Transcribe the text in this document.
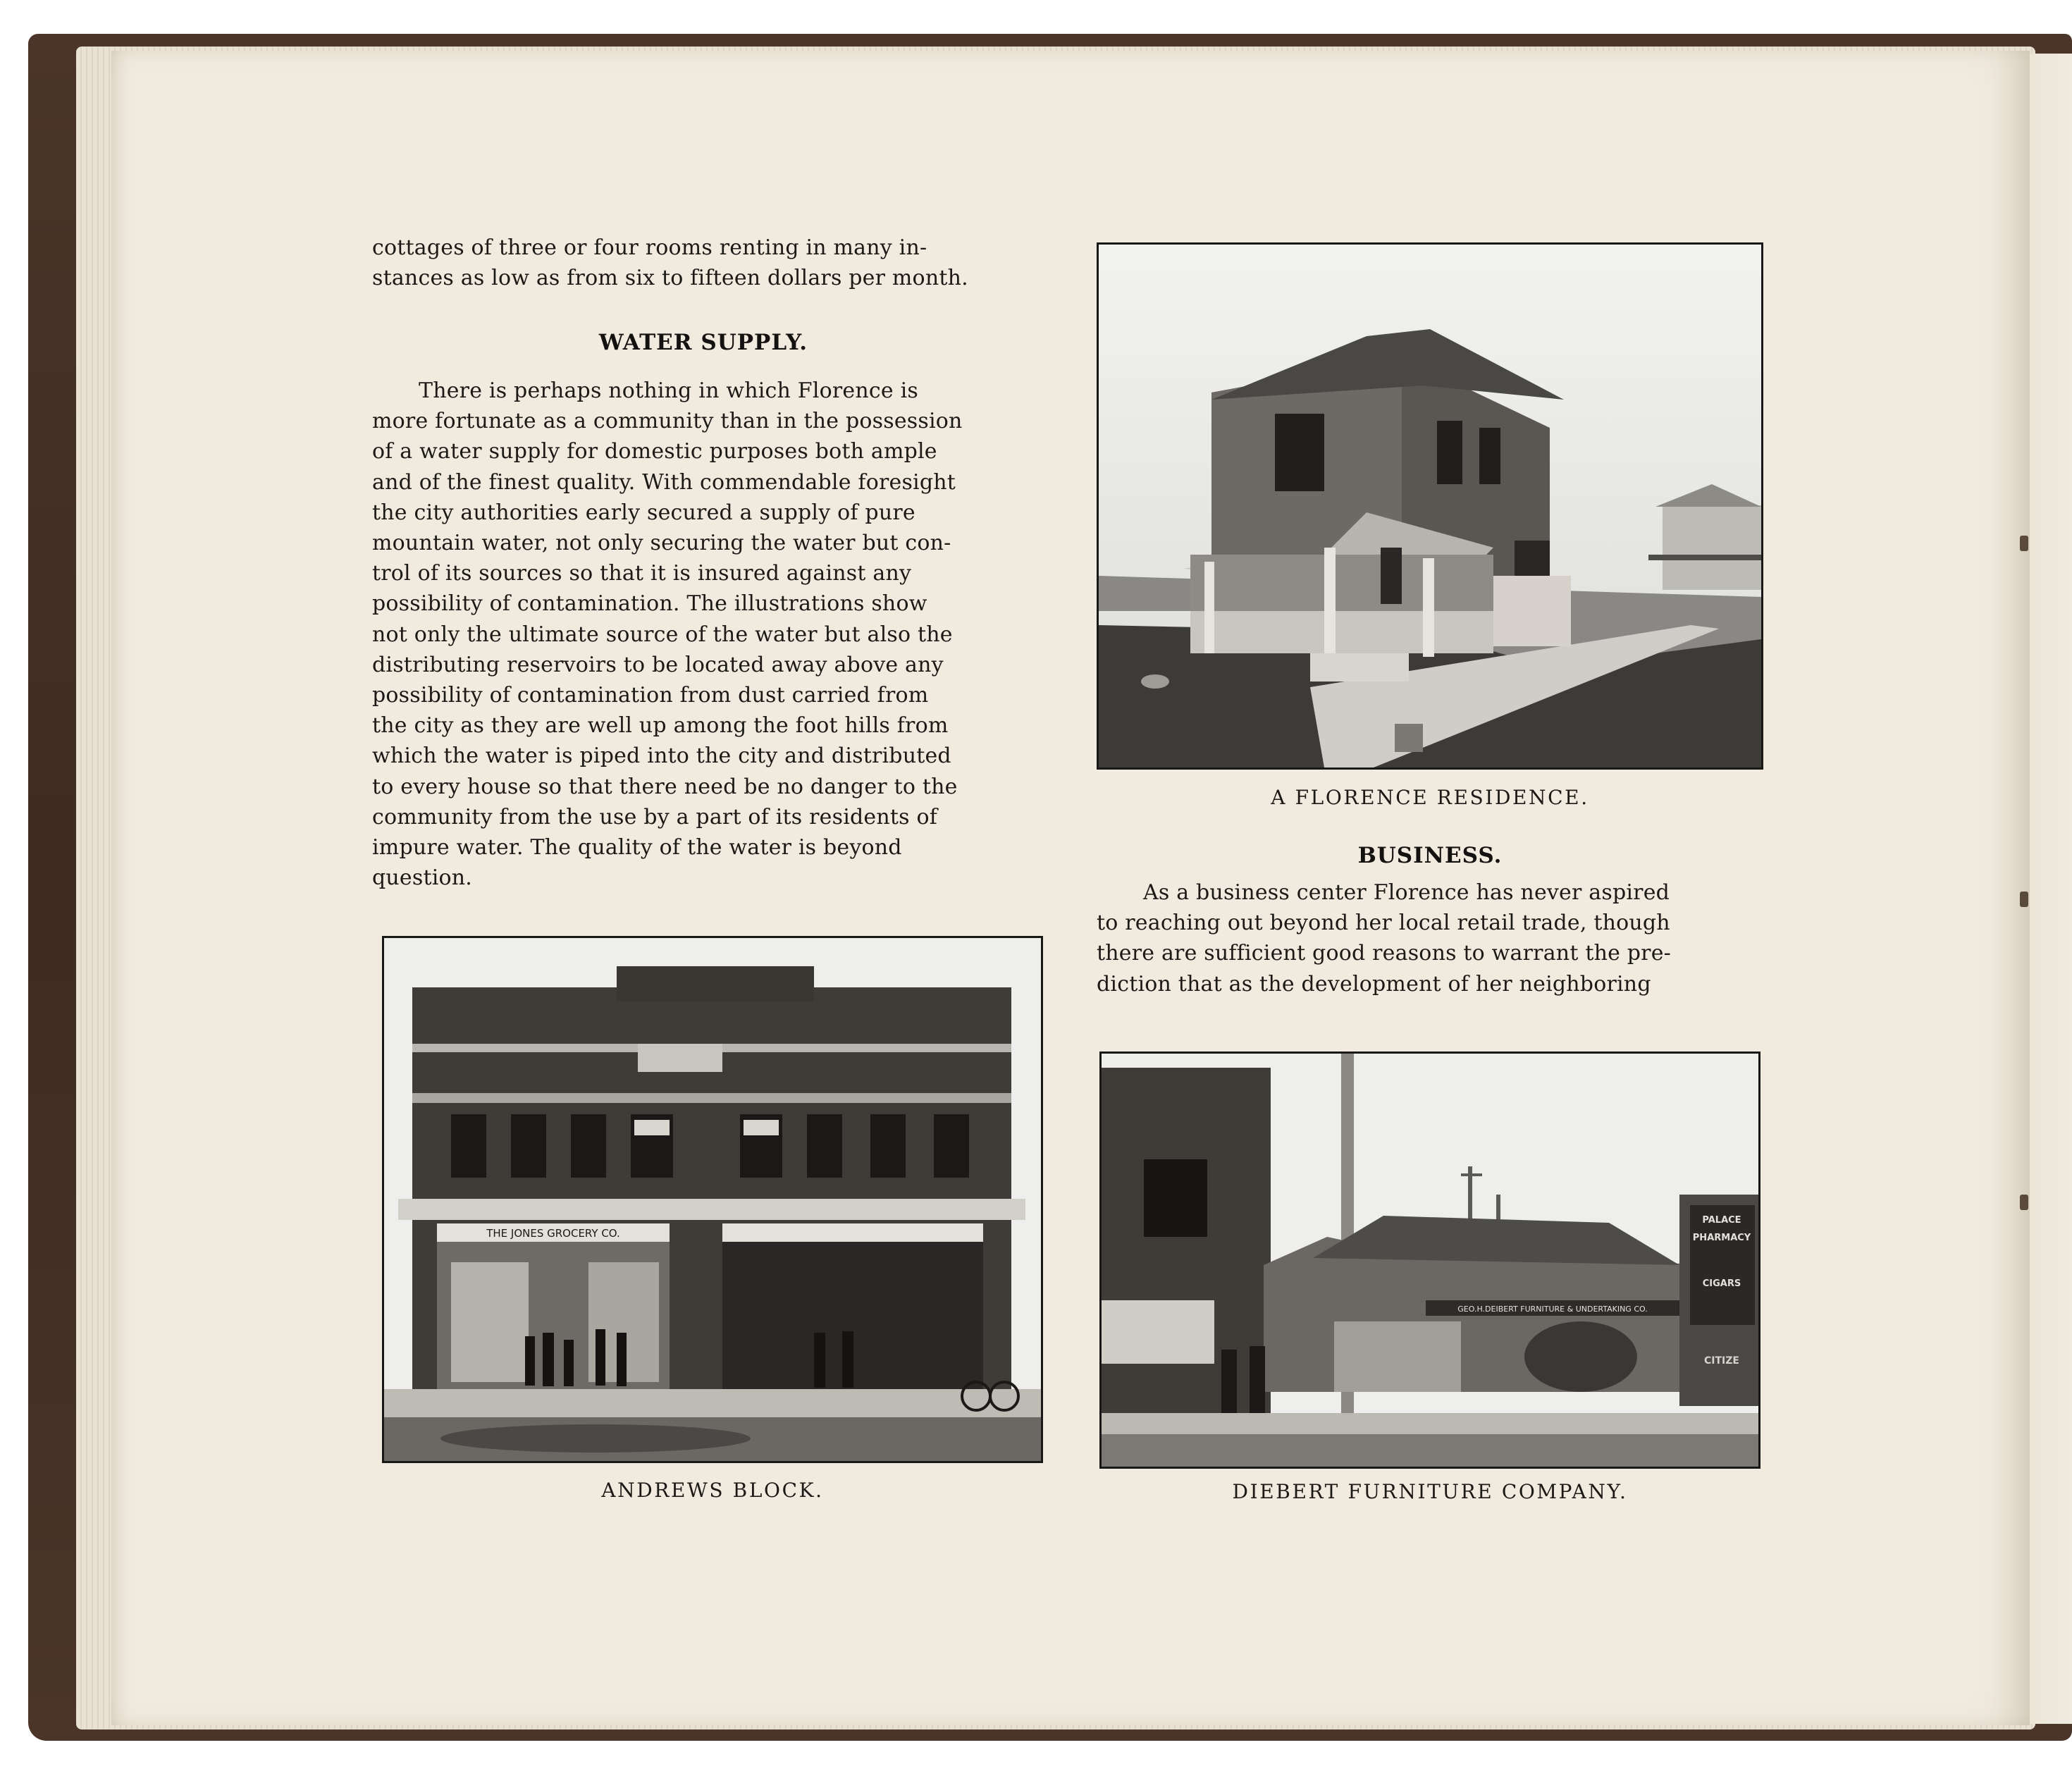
cottages of three or four rooms renting in many in-

stances as low as from six to fifteen dollars per month.

WATER SUPPLY.

There is perhaps nothing in which Florence is

more fortunate as a community than in the possession

of a water supply for domestic purposes both ample

and of the finest quality. With commendable foresight

the city authorities early secured a supply of pure

mountain water, not only securing the water but con-

trol of its sources so that it is insured against any

possibility of contamination. The illustrations show

not only the ultimate source of the water but also the

distributing reservoirs to be located away above any

possibility of contamination from dust carried from

the city as they are well up among the foot hills from

which the water is piped into the city and distributed

to every house so that there need be no danger to the

community from the use by a part of its residents of

impure water. The quality of the water is beyond

question.

A FLORENCE RESIDENCE.
BUSINESS.

As a business center Florence has never aspired

to reaching out beyond her local retail trade, though

there are sufficient good reasons to warrant the pre-

diction that as the development of her neighboring

THE JONES GROCERY CO.
ANDREWS BLOCK.
GEO.H.DEIBERT FURNITURE & UNDERTAKING CO.
PALACE
PHARMACY
CIGARS
CITIZE
DIEBERT FURNITURE COMPANY.
